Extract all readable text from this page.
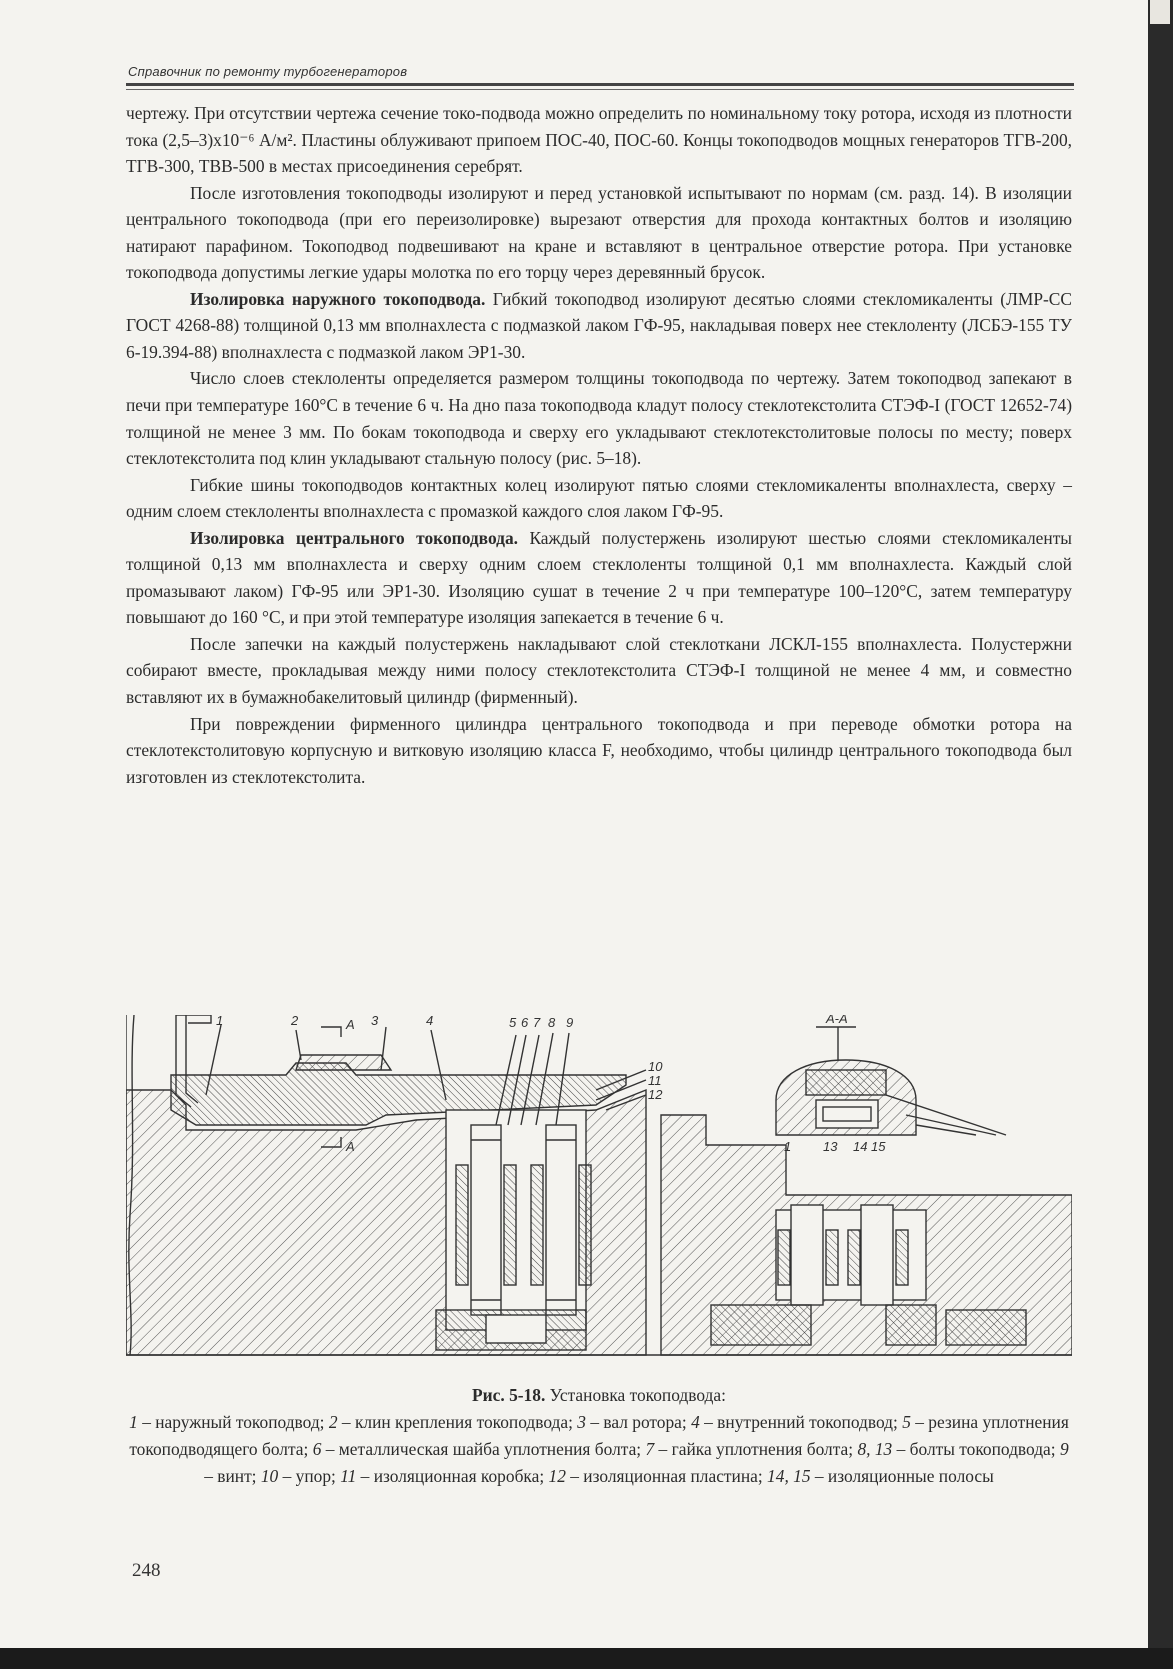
Справочник по ремонту турбогенераторов

чертежу. При отсутствии чертежа сечение токо-подвода можно определить по номинальному току ротора, исходя из плотности тока (2,5–3)х10⁻⁶ А/м². Пластины облуживают припоем ПОС-40, ПОС-60. Концы токоподводов мощных генераторов ТГВ-200, ТГВ-300, ТВВ-500 в местах присоединения серебрят.

После изготовления токоподводы изолируют и перед установкой испытывают по нормам (см. разд. 14). В изоляции центрального токоподвода (при его переизолировке) вырезают отверстия для прохода контактных болтов и изоляцию натирают парафином. Токоподвод подвешивают на кране и вставляют в центральное отверстие ротора. При установке токоподвода допустимы легкие удары молотка по его торцу через деревянный брусок.

Изолировка наружного токоподвода. Гибкий токоподвод изолируют десятью слоями стекломикаленты (ЛМР-СС ГОСТ 4268-88) толщиной 0,13 мм вполнахлеста с подмазкой лаком ГФ-95, накладывая поверх нее стеклоленту (ЛСБЭ-155 ТУ 6-19.394-88) вполнахлеста с подмазкой лаком ЭР1-30.

Число слоев стеклоленты определяется размером толщины токоподвода по чертежу. Затем токоподвод запекают в печи при температуре 160°С в течение 6 ч. На дно паза токоподвода кладут полосу стеклотекстолита СТЭФ-I (ГОСТ 12652-74) толщиной не менее 3 мм. По бокам токоподвода и сверху его укладывают стеклотекстолитовые полосы по месту; поверх стеклотекстолита под клин укладывают стальную полосу (рис. 5–18).

Гибкие шины токоподводов контактных колец изолируют пятью слоями стекломикаленты вполнахлеста, сверху – одним слоем стеклоленты вполнахлеста с промазкой каждого слоя лаком ГФ-95.

Изолировка центрального токоподвода. Каждый полустержень изолируют шестью слоями стекломикаленты толщиной 0,13 мм вполнахлеста и сверху одним слоем стеклоленты толщиной 0,1 мм вполнахлеста. Каждый слой промазывают лаком) ГФ-95 или ЭР1-30. Изоляцию сушат в течение 2 ч при температуре 100–120°С, затем температуру повышают до 160 °С, и при этой температуре изоляция запекается в течение 6 ч.

После запечки на каждый полустержень накладывают слой стеклоткани ЛСКЛ-155 вполнахлеста. Полустержни собирают вместе, прокладывая между ними полосу стеклотекстолита СТЭФ-I толщиной не менее 4 мм, и совместно вставляют их в бумажнобакелитовый цилиндр (фирменный).

При повреждении фирменного цилиндра центрального токоподвода и при переводе обмотки ротора на стеклотекстолитовую корпусную и витковую изоляцию класса F, необходимо, чтобы цилиндр центрального токоподвода был изготовлен из стеклотекстолита.

А-А
1	2	А 3	4	5 6 7 8 9
10
11
12
А	1 13 14 15
Рис. 5-18. Установка токоподвода:
1 – наружный токоподвод; 2 – клин крепления токоподвода; 3 – вал ротора; 4 – внутренний токоподвод; 5 – резина уплотнения токоподводящего болта; 6 – металлическая шайба уплотнения болта; 7 – гайка уплотнения болта; 8, 13 – болты токоподвода; 9 – винт; 10 – упор; 11 – изоляционная коробка; 12 – изоляционная пластина; 14, 15 – изоляционные полосы
248
